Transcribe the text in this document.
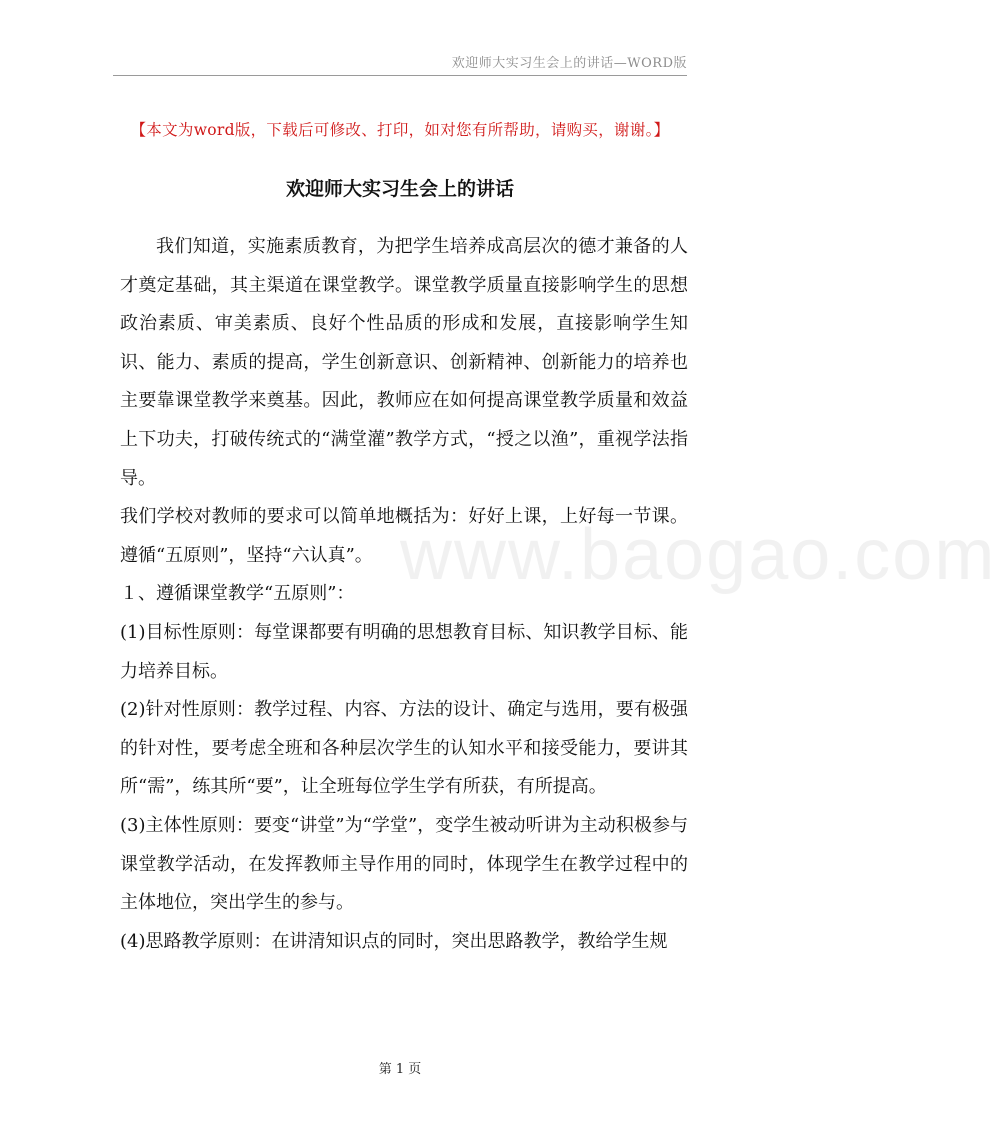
欢迎师大实习生会上的讲话—WORD版
【本文为word版，下载后可修改、打印，如对您有所帮助，请购买，谢谢。】
欢迎师大实习生会上的讲话

我们知道，实施素质教育，为把学生培养成高层次的德才兼备的人才奠定基础，其主渠道在课堂教学。课堂教学质量直接影响学生的思想政治素质、审美素质、良好个性品质的形成和发展，直接影响学生知识、能力、素质的提高，学生创新意识、创新精神、创新能力的培养也主要靠课堂教学来奠基。因此，教师应在如何提高课堂教学质量和效益上下功夫，打破传统式的“满堂灌”教学方式，“授之以渔”，重视学法指导。

我们学校对教师的要求可以简单地概括为：好好上课，上好每一节课。遵循“五原则”，坚持“六认真”。

１、遵循课堂教学“五原则”：

(1)目标性原则：每堂课都要有明确的思想教育目标、知识教学目标、能力培养目标。

(2)针对性原则：教学过程、内容、方法的设计、确定与选用，要有极强的针对性，要考虑全班和各种层次学生的认知水平和接受能力，要讲其所“需”，练其所“要”，让全班每位学生学有所获，有所提高。

(3)主体性原则：要变“讲堂”为“学堂”，变学生被动听讲为主动积极参与课堂教学活动，在发挥教师主导作用的同时，体现学生在教学过程中的主体地位，突出学生的参与。

(4)思路教学原则：在讲清知识点的同时，突出思路教学，教给学生规

www.baogao.com
第 1 页
